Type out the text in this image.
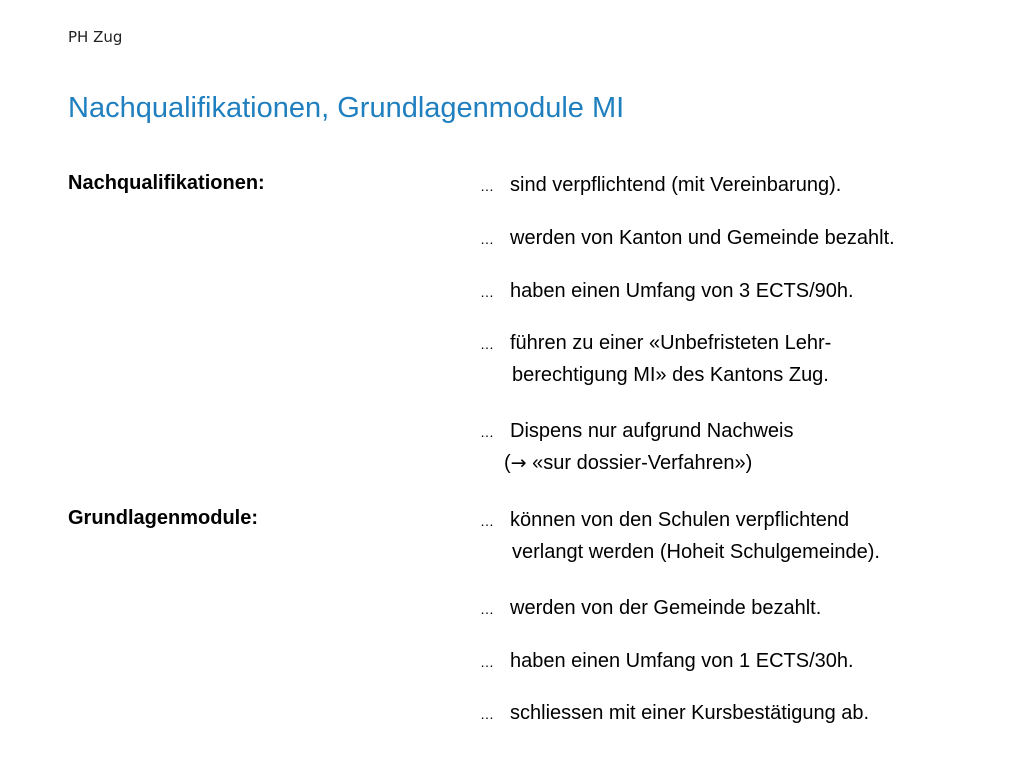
PH Zug
Nachqualifikationen, Grundlagenmodule MI
Nachqualifikationen:	… sind verpflichtend (mit Vereinbarung).
… werden von Kanton und Gemeinde bezahlt.
… haben einen Umfang von 3 ECTS/90h.
… führen zu einer «Unbefristeten Lehr-
berechtigung MI» des Kantons Zug.
… Dispens nur aufgrund Nachweis
(→ «sur dossier-Verfahren»)
Grundlagenmodule:	… können von den Schulen verpflichtend
verlangt werden (Hoheit Schulgemeinde).
… werden von der Gemeinde bezahlt.
… haben einen Umfang von 1 ECTS/30h.
… schliessen mit einer Kursbestätigung ab.
